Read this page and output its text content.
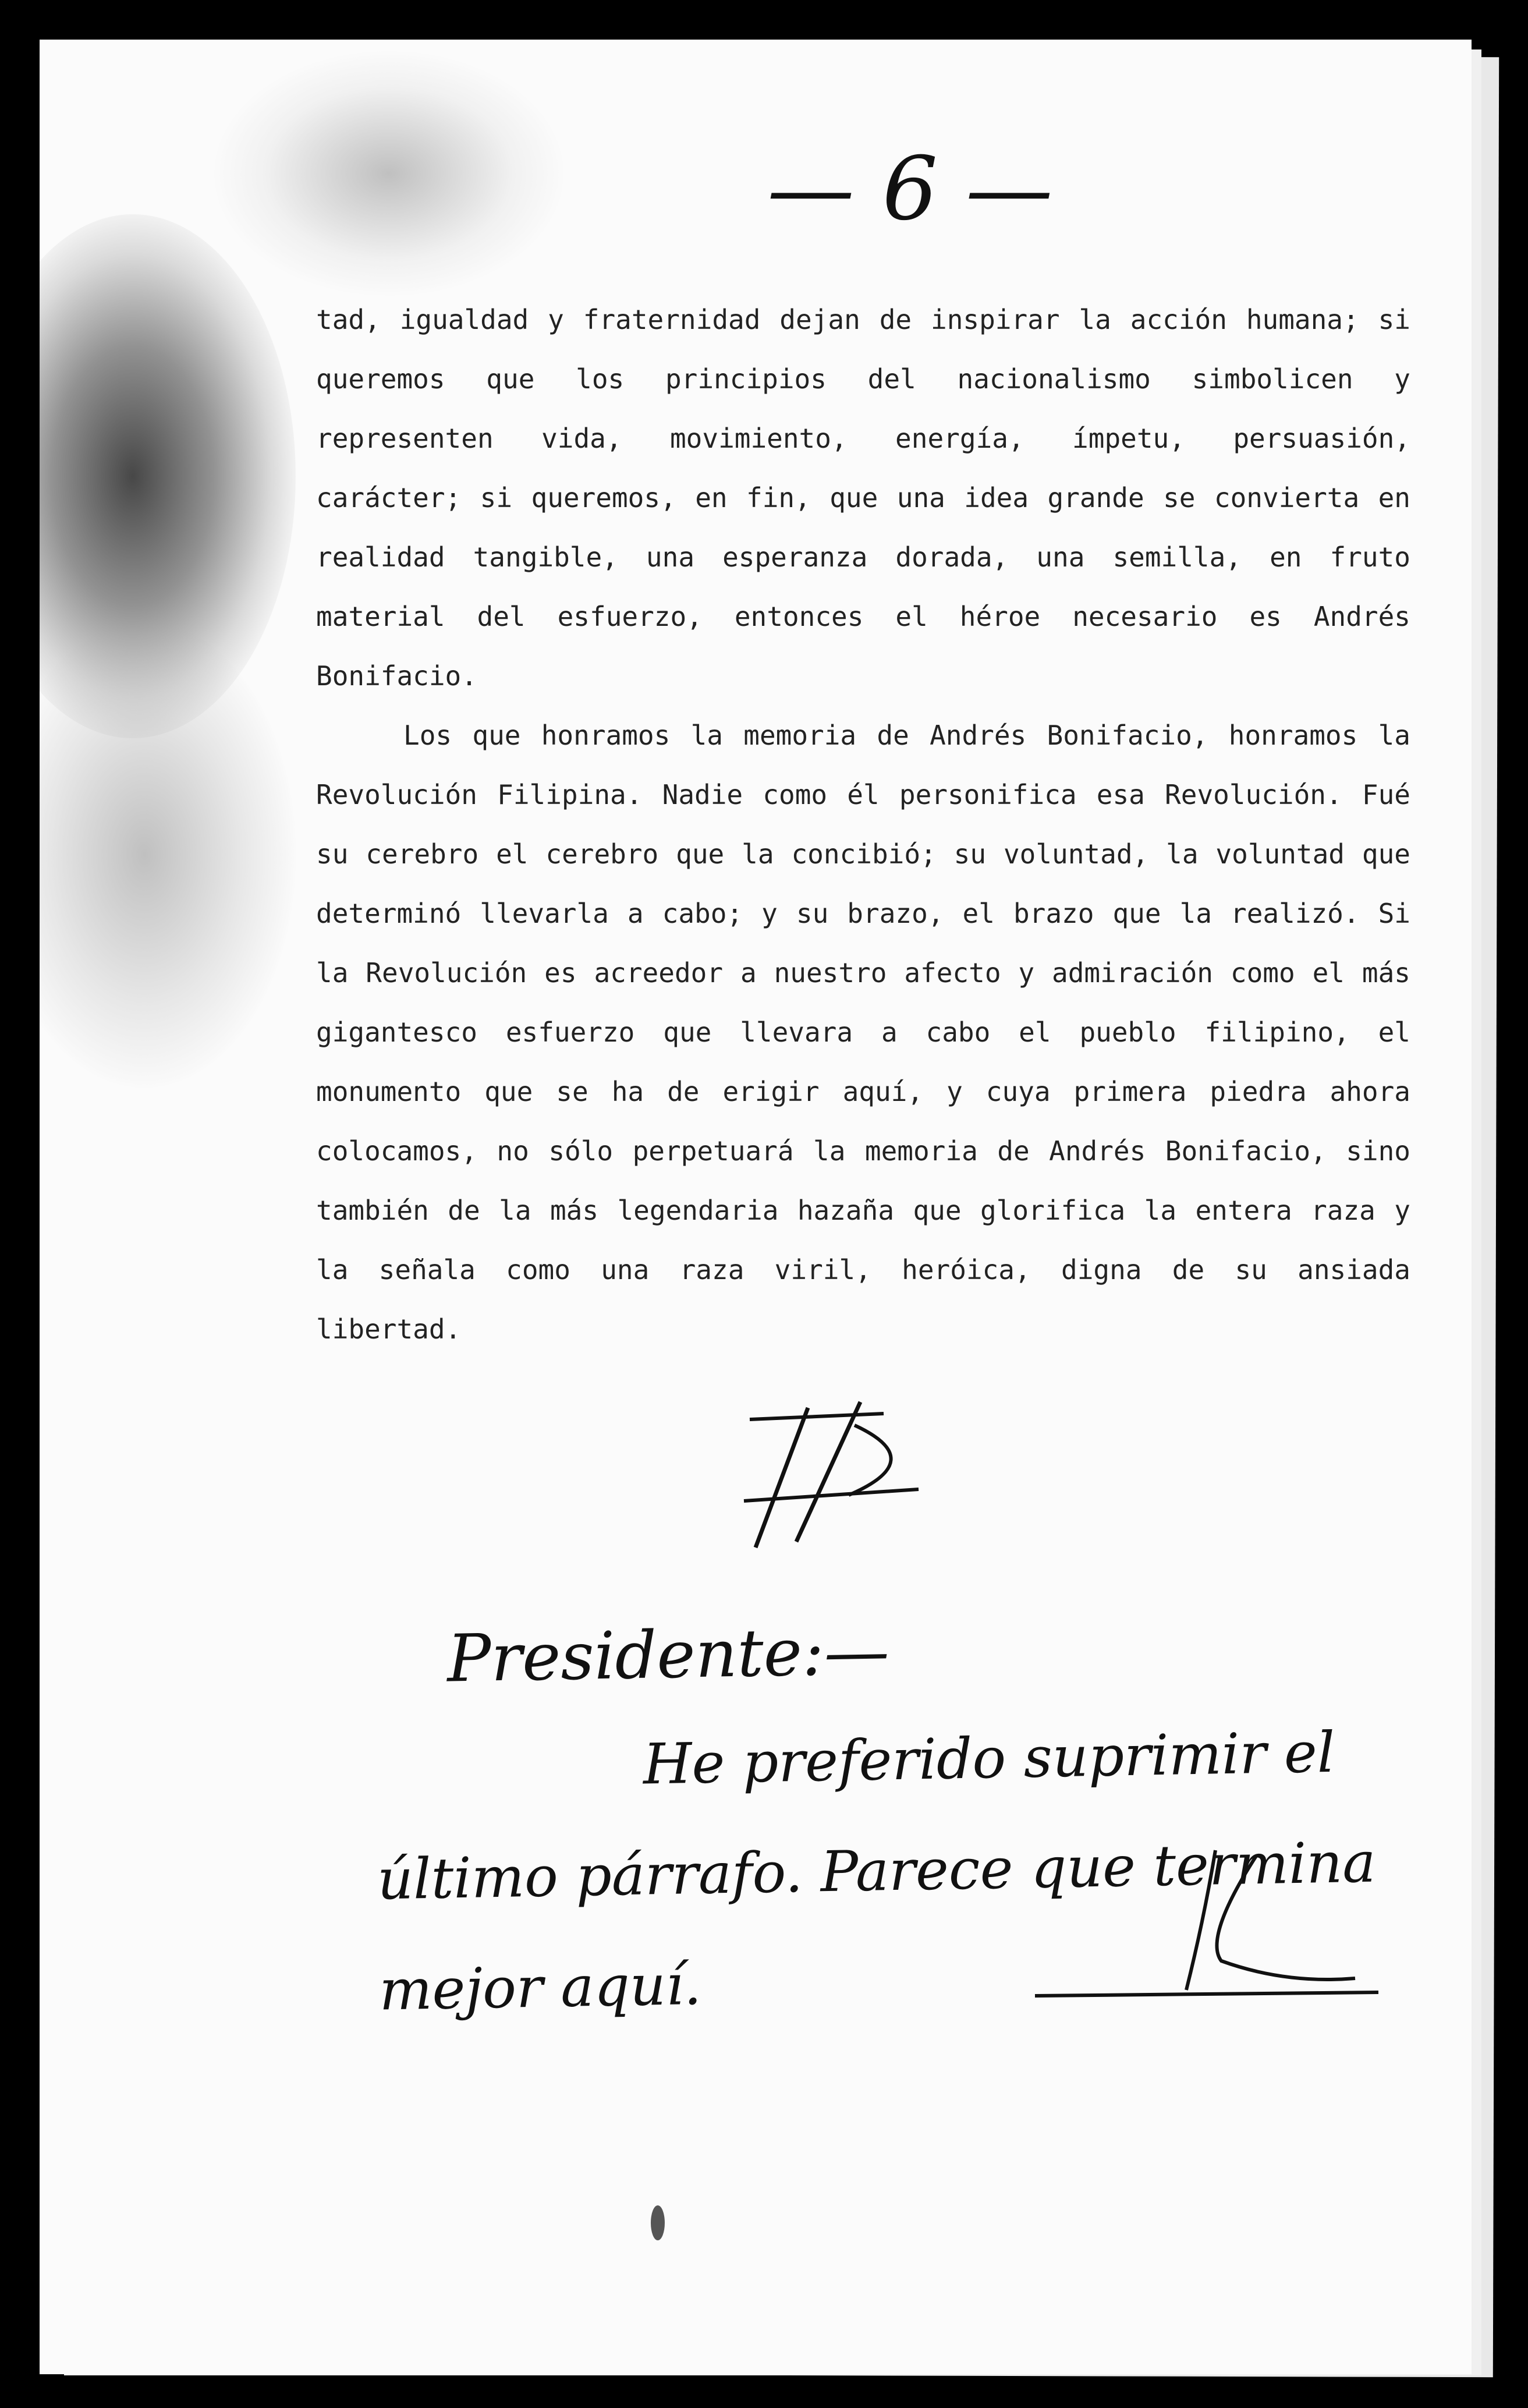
— 6 —

tad, igualdad y fraternidad dejan de inspirar la acción humana; si queremos que los principios del nacionalismo simbolicen y representen vida, movimiento, energía, ímpetu, persuasión, carácter; si queremos, en fin, que una idea grande se convierta en realidad tangible, una esperanza dorada, una semilla, en fruto material del esfuerzo, entonces el héroe necesario es Andrés Bonifacio.

Los que honramos la memoria de Andrés Bonifacio, honramos la Revolución Filipina. Nadie como él personifica esa Revolución. Fué su cerebro el cerebro que la concibió; su voluntad, la voluntad que determinó llevarla a cabo; y su brazo, el brazo que la realizó. Si la Revolución es acreedor a nuestro afecto y admiración como el más gigantesco esfuerzo que llevara a cabo el pueblo filipino, el monumento que se ha de erigir aquí, y cuya primera piedra ahora colocamos, no sólo perpetuará la memoria de Andrés Bonifacio, sino también de la más legendaria hazaña que glorifica la entera raza y la señala como una raza viril, heróica, digna de su ansiada libertad.

Presidente:—
He preferido suprimir el último párrafo. Parece que termina mejor aquí.
